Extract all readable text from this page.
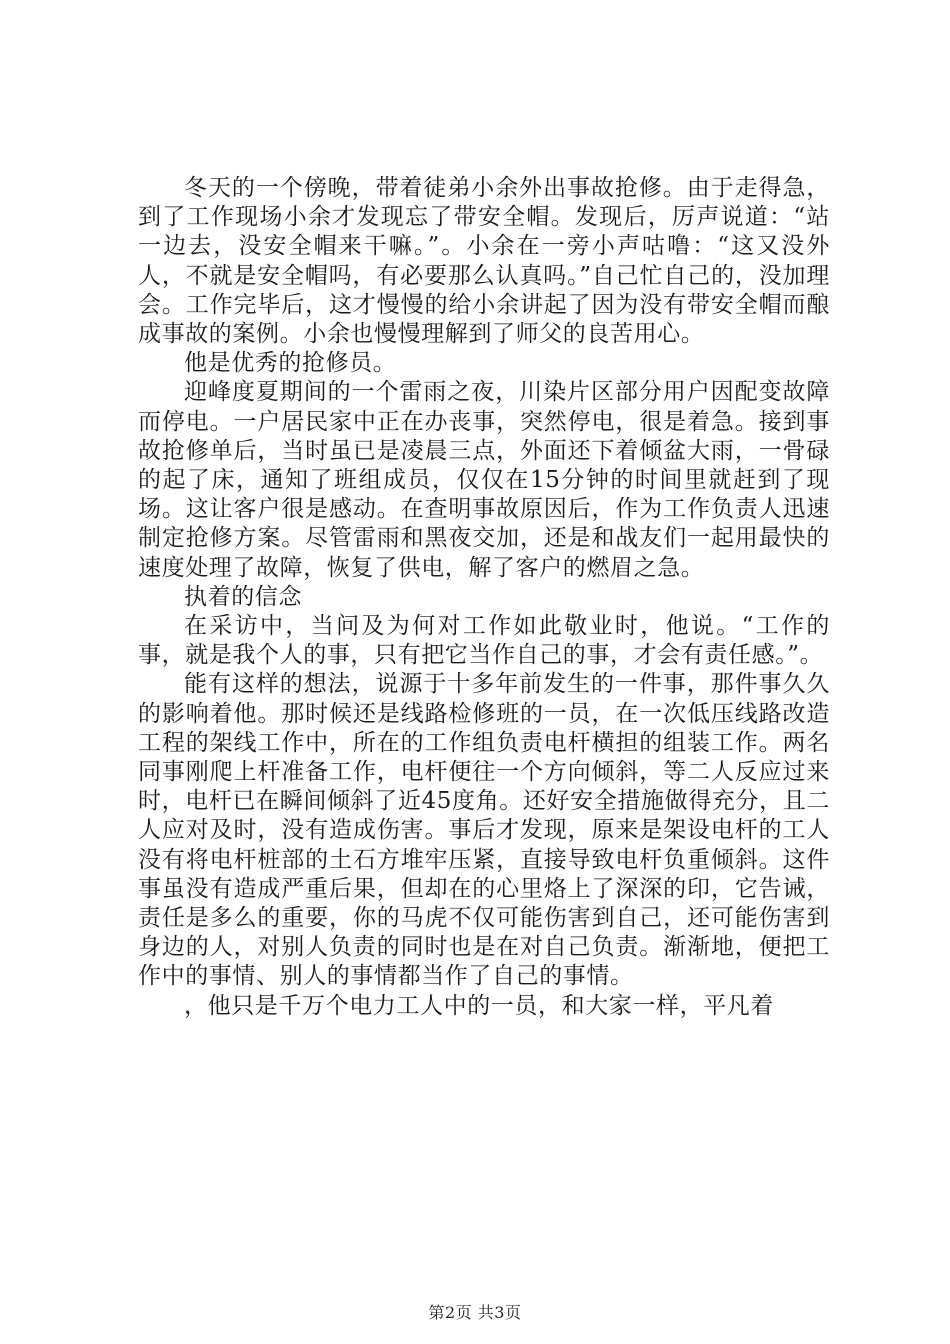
冬天的一个傍晚，带着徒弟小余外出事故抢修。由于走得急，到了工作现场小余才发现忘了带安全帽。发现后，厉声说道：“站一边去，没安全帽来干嘛。”。小余在一旁小声咕噜：“这又没外人，不就是安全帽吗，有必要那么认真吗。”自己忙自己的，没加理会。工作完毕后，这才慢慢的给小余讲起了因为没有带安全帽而酿成事故的案例。小余也慢慢理解到了师父的良苦用心。

他是优秀的抢修员。

迎峰度夏期间的一个雷雨之夜，川染片区部分用户因配变故障而停电。一户居民家中正在办丧事，突然停电，很是着急。接到事故抢修单后，当时虽已是凌晨三点，外面还下着倾盆大雨，一骨碌的起了床，通知了班组成员，仅仅在15分钟的时间里就赶到了现场。这让客户很是感动。在查明事故原因后，作为工作负责人迅速制定抢修方案。尽管雷雨和黑夜交加，还是和战友们一起用最快的速度处理了故障，恢复了供电，解了客户的燃眉之急。

执着的信念

在采访中，当问及为何对工作如此敬业时，他说。“工作的事，就是我个人的事，只有把它当作自己的事，才会有责任感。”。

能有这样的想法，说源于十多年前发生的一件事，那件事久久的影响着他。那时候还是线路检修班的一员，在一次低压线路改造工程的架线工作中，所在的工作组负责电杆横担的组装工作。两名同事刚爬上杆准备工作，电杆便往一个方向倾斜，等二人反应过来时，电杆已在瞬间倾斜了近45度角。还好安全措施做得充分，且二人应对及时，没有造成伤害。事后才发现，原来是架设电杆的工人没有将电杆桩部的土石方堆牢压紧，直接导致电杆负重倾斜。这件事虽没有造成严重后果，但却在的心里烙上了深深的印，它告诫，责任是多么的重要，你的马虎不仅可能伤害到自己，还可能伤害到身边的人，对别人负责的同时也是在对自己负责。渐渐地，便把工作中的事情、别人的事情都当作了自己的事情。

，他只是千万个电力工人中的一员，和大家一样，平凡着

第2页 共3页
